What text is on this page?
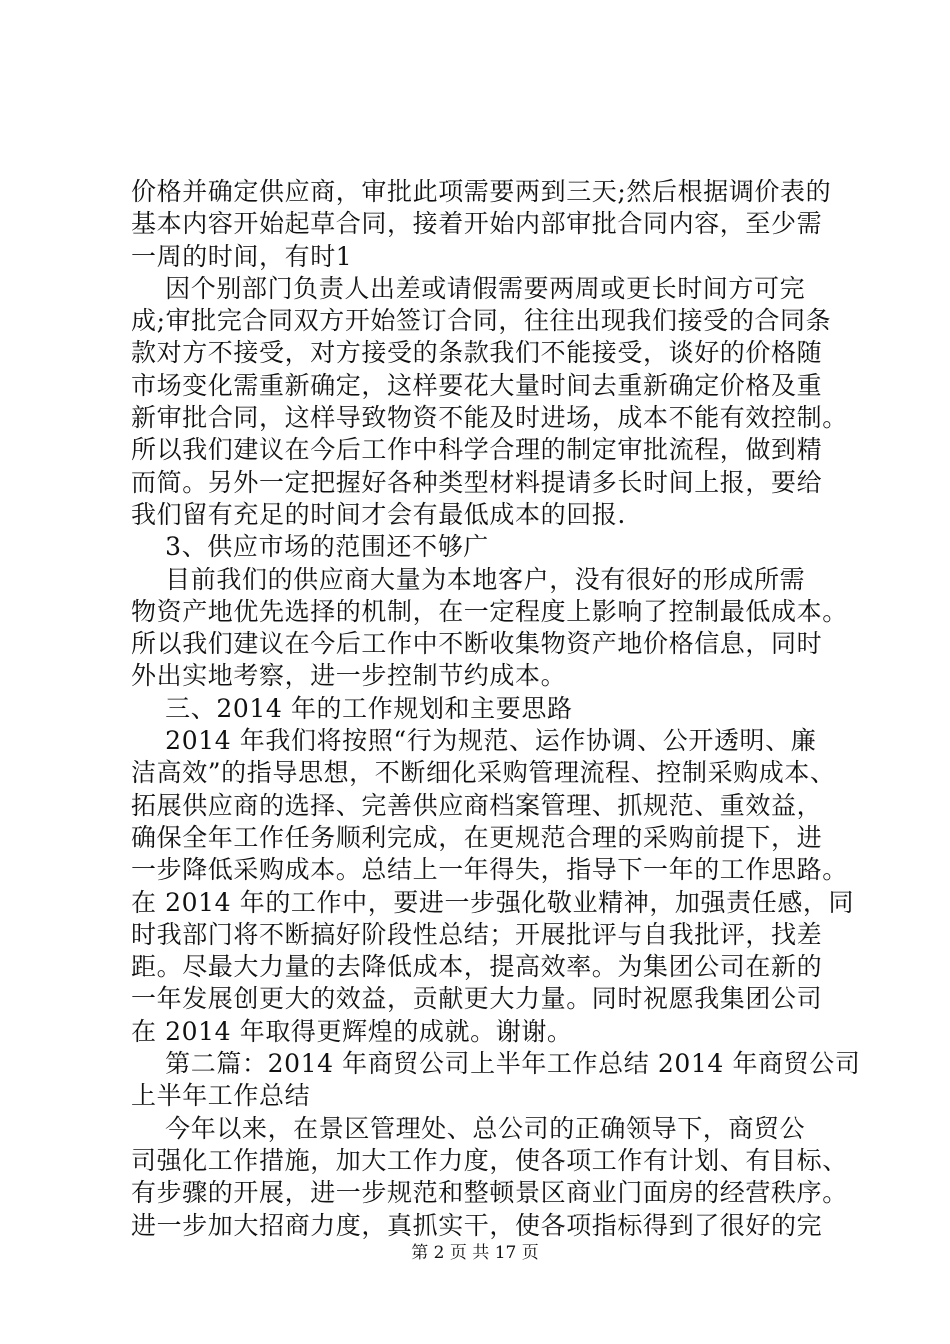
价格并确定供应商，审批此项需要两到三天;然后根据调价表的
基本内容开始起草合同，接着开始内部审批合同内容，至少需
一周的时间，有时1
因个别部门负责人出差或请假需要两周或更长时间方可完
成;审批完合同双方开始签订合同，往往出现我们接受的合同条
款对方不接受，对方接受的条款我们不能接受，谈好的价格随
市场变化需重新确定，这样要花大量时间去重新确定价格及重
新审批合同，这样导致物资不能及时进场，成本不能有效控制。
所以我们建议在今后工作中科学合理的制定审批流程，做到精
而简。另外一定把握好各种类型材料提请多长时间上报，要给
我们留有充足的时间才会有最低成本的回报.
3、供应市场的范围还不够广
目前我们的供应商大量为本地客户，没有很好的形成所需
物资产地优先选择的机制，在一定程度上影响了控制最低成本。
所以我们建议在今后工作中不断收集物资产地价格信息，同时
外出实地考察，进一步控制节约成本。
三、2014 年的工作规划和主要思路
2014 年我们将按照“行为规范、运作协调、公开透明、廉
洁高效”的指导思想，不断细化采购管理流程、控制采购成本、
拓展供应商的选择、完善供应商档案管理、抓规范、重效益，
确保全年工作任务顺利完成，在更规范合理的采购前提下，进
一步降低采购成本。总结上一年得失，指导下一年的工作思路。
在 2014 年的工作中，要进一步强化敬业精神，加强责任感，同
时我部门将不断搞好阶段性总结；开展批评与自我批评，找差
距。尽最大力量的去降低成本，提高效率。为集团公司在新的
一年发展创更大的效益，贡献更大力量。同时祝愿我集团公司
在 2014 年取得更辉煌的成就。谢谢。
第二篇：2014 年商贸公司上半年工作总结 2014 年商贸公司
上半年工作总结
今年以来，在景区管理处、总公司的正确领导下，商贸公
司强化工作措施，加大工作力度，使各项工作有计划、有目标、
有步骤的开展，进一步规范和整顿景区商业门面房的经营秩序。
进一步加大招商力度，真抓实干，使各项指标得到了很好的完
第 2 页 共 17 页
